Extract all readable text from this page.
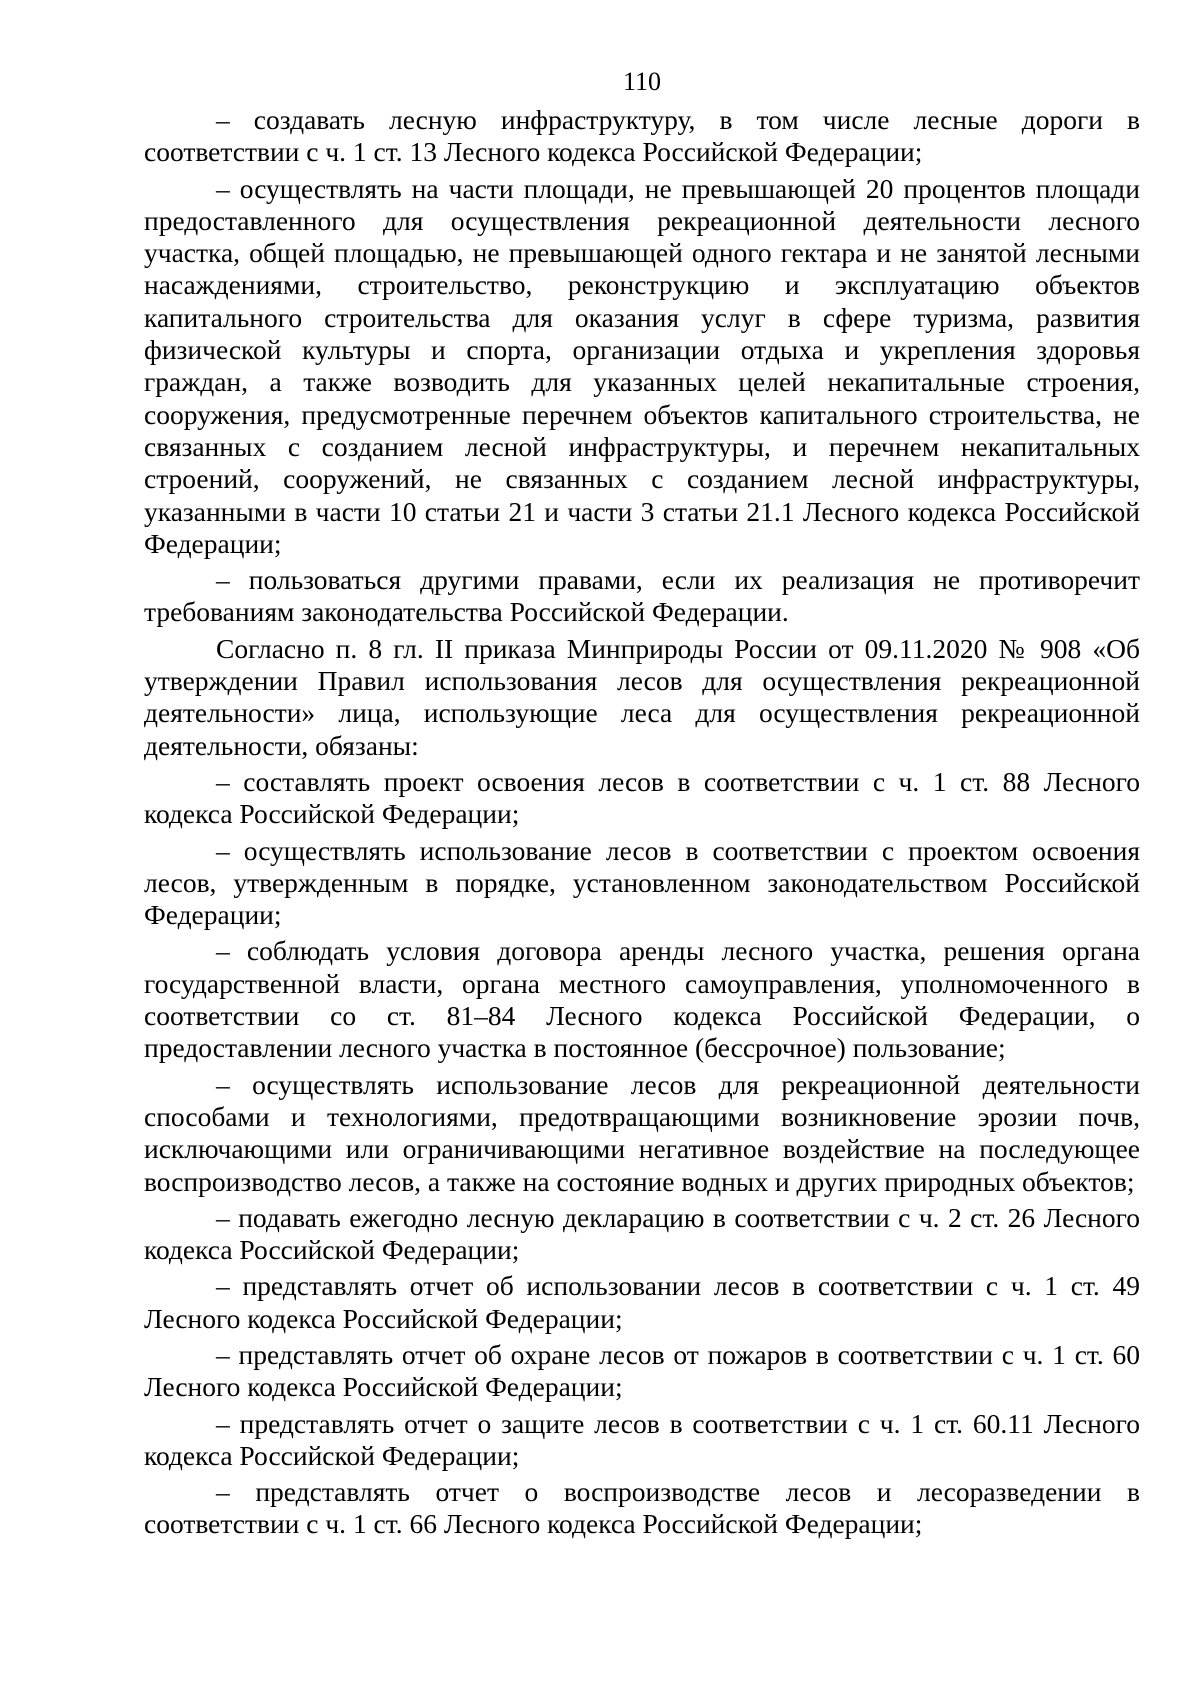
110

– создавать лесную инфраструктуру, в том числе лесные дороги в соответствии с ч. 1 ст. 13 Лесного кодекса Российской Федерации;

– осуществлять на части площади, не превышающей 20 процентов площади предоставленного для осуществления рекреационной деятельности лесного участка, общей площадью, не превышающей одного гектара и не занятой лесными насаждениями, строительство, реконструкцию и эксплуатацию объектов капитального строительства для оказания услуг в сфере туризма, развития физической культуры и спорта, организации отдыха и укрепления здоровья граждан, а также возводить для указанных целей некапитальные строения, сооружения, предусмотренные перечнем объектов капитального строительства, не связанных с созданием лесной инфраструктуры, и перечнем некапитальных строений, сооружений, не связанных с созданием лесной инфраструктуры, указанными в части 10 статьи 21 и части 3 статьи 21.1 Лесного кодекса Российской Федерации;

– пользоваться другими правами, если их реализация не противоречит требованиям законодательства Российской Федерации.

Согласно п. 8 гл. II приказа Минприроды России от 09.11.2020 № 908 «Об утверждении Правил использования лесов для осуществления рекреационной деятельности» лица, использующие леса для осуществления рекреационной деятельности, обязаны:

– составлять проект освоения лесов в соответствии с ч. 1 ст. 88 Лесного кодекса Российской Федерации;

– осуществлять использование лесов в соответствии с проектом освоения лесов, утвержденным в порядке, установленном законодательством Российской Федерации;

– соблюдать условия договора аренды лесного участка, решения органа государственной власти, органа местного самоуправления, уполномоченного в соответствии со ст. 81–84 Лесного кодекса Российской Федерации, о предоставлении лесного участка в постоянное (бессрочное) пользование;

– осуществлять использование лесов для рекреационной деятельности способами и технологиями, предотвращающими возникновение эрозии почв, исключающими или ограничивающими негативное воздействие на последующее воспроизводство лесов, а также на состояние водных и других природных объектов;

– подавать ежегодно лесную декларацию в соответствии с ч. 2 ст. 26 Лесного кодекса Российской Федерации;

– представлять отчет об использовании лесов в соответствии с ч. 1 ст. 49 Лесного кодекса Российской Федерации;

– представлять отчет об охране лесов от пожаров в соответствии с ч. 1 ст. 60 Лесного кодекса Российской Федерации;

– представлять отчет о защите лесов в соответствии с ч. 1 ст. 60.11 Лесного кодекса Российской Федерации;

– представлять отчет о воспроизводстве лесов и лесоразведении в соответствии с ч. 1 ст. 66 Лесного кодекса Российской Федерации;
